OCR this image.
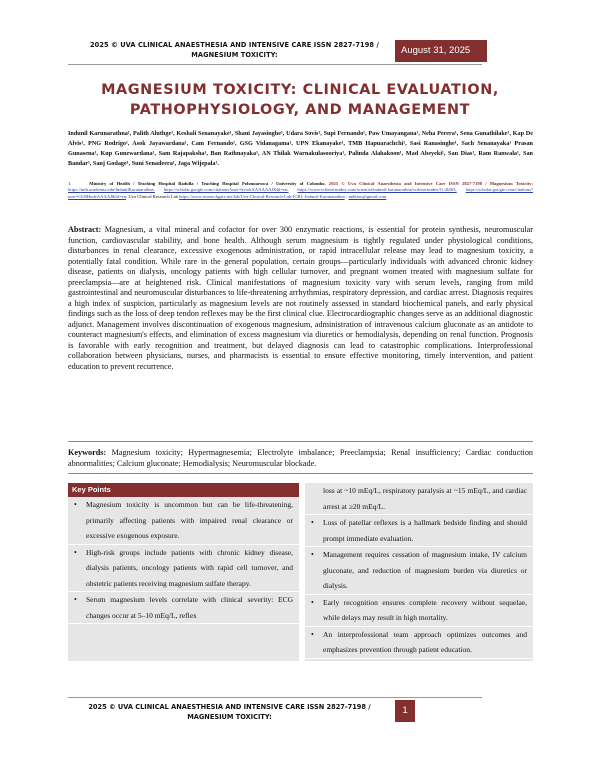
2025 © UVA CLINICAL ANAESTHESIA AND INTENSIVE CARE ISSN 2827-7198 /
MAGNESIUM TOXICITY:	August 31, 2025
MAGNESIUM TOXICITY: CLINICAL EVALUATION,
PATHOPHYSIOLOGY, AND MANAGEMENT
Indunil Karunarathna¹, Palith Aluthge¹, Keshali Senanayake¹, Shani Jayasinghe¹, Udara Sovis¹, Supi Fernando¹, Paw Umayangana¹, Neha Perera¹, Sena Gunathilake¹, Kap De Alvis¹, PNG Rodrigo¹, Asok Jayawardana¹, Cam Fernando¹, GSG Vidanagama¹, UPN Ekanayake¹, TMB Hapuarachchi¹, Sasi Ranasinghe¹, Sach Senanayaka¹ Prasan Gunasena¹, Kup Gunewardana¹, Sam Rajapaksha¹, Ban Rathnayaka¹, AN Thilak Warnakulasooriya¹, Palinda Alahakoon¹, Mad Abeyeki¹, San Dias¹, Ram Ranwala¹, San Bandar¹, Sanj Godage¹, Suni Senadeera¹, Jaga Wijepala¹.
1.	Ministry of Health / Teaching Hospital Badulla / Teaching Hospital Polonnaruwa / University of Colombo. 2025 © Uva Clinical Anaesthesia and Intensive Care ISSN 2827-7198 / Magnesium Toxicity: https://tmb.academia.edu/IndunilKarunarathna, https://scholar.google.com/citations?user=kvwkXAAAAAJ&hl=en, https://www.scilentcintdex.com/scientist/indunil-karunarathna/scilentcintdex/l1-2b8f3, https://scholar.google.com/citations?user=CbNHndeAAAAJ&hl=en, Uva Clinical Research Lab https://www.researchgate.net/lab/Uva-Clinical-Research-Lab-ICRL-Indunil-Karunarathna - indkaru@gmail.com
Abstract: Magnesium, a vital mineral and cofactor for over 300 enzymatic reactions, is essential for protein synthesis, neuromuscular function, cardiovascular stability, and bone health. Although serum magnesium is tightly regulated under physiological conditions, disturbances in renal clearance, excessive exogenous administration, or rapid intracellular release may lead to magnesium toxicity, a potentially fatal condition. While rare in the general population, certain groups—particularly individuals with advanced chronic kidney disease, patients on dialysis, oncology patients with high cellular turnover, and pregnant women treated with magnesium sulfate for preeclampsia—are at heightened risk. Clinical manifestations of magnesium toxicity vary with serum levels, ranging from mild gastrointestinal and neuromuscular disturbances to life-threatening arrhythmias, respiratory depression, and cardiac arrest. Diagnosis requires a high index of suspicion, particularly as magnesium levels are not routinely assessed in standard biochemical panels, and early physical findings such as the loss of deep tendon reflexes may be the first clinical clue. Electrocardiographic changes serve as an additional diagnostic adjunct. Management involves discontinuation of exogenous magnesium, administration of intravenous calcium gluconate as an antidote to counteract magnesium's effects, and elimination of excess magnesium via diuretics or hemodialysis, depending on renal function. Prognosis is favorable with early recognition and treatment, but delayed diagnosis can lead to catastrophic complications. Interprofessional collaboration between physicians, nurses, and pharmacists is essential to ensure effective monitoring, timely intervention, and patient education to prevent recurrence.
Keywords: Magnesium toxicity; Hypermagnesemia; Electrolyte imbalance; Preeclampsia; Renal insufficiency; Cardiac conduction abnormalities; Calcium gluconate; Hemodialysis; Neuromuscular blockade.
Key Points
• Magnesium toxicity is uncommon but can be life-threatening, primarily affecting patients with impaired renal clearance or excessive exogenous exposure.
• High-risk groups include patients with chronic kidney disease, dialysis patients, oncology patients with rapid cell turnover, and obstetric patients receiving magnesium sulfate therapy.
• Serum magnesium levels correlate with clinical severity: ECG changes occur at 5–10 mEq/L, reflex
loss at ~10 mEq/L, respiratory paralysis at ~15 mEq/L, and cardiac arrest at ≥20 mEq/L.
• Loss of patellar reflexes is a hallmark bedside finding and should prompt immediate evaluation.
• Management requires cessation of magnesium intake, IV calcium gluconate, and reduction of magnesium burden via diuretics or dialysis.
• Early recognition ensures complete recovery without sequelae, while delays may result in high mortality.
• An interprofessional team approach optimizes outcomes and emphasizes prevention through patient education.
2025 © UVA CLINICAL ANAESTHESIA AND INTENSIVE CARE ISSN 2827-7198 /
MAGNESIUM TOXICITY:
1
